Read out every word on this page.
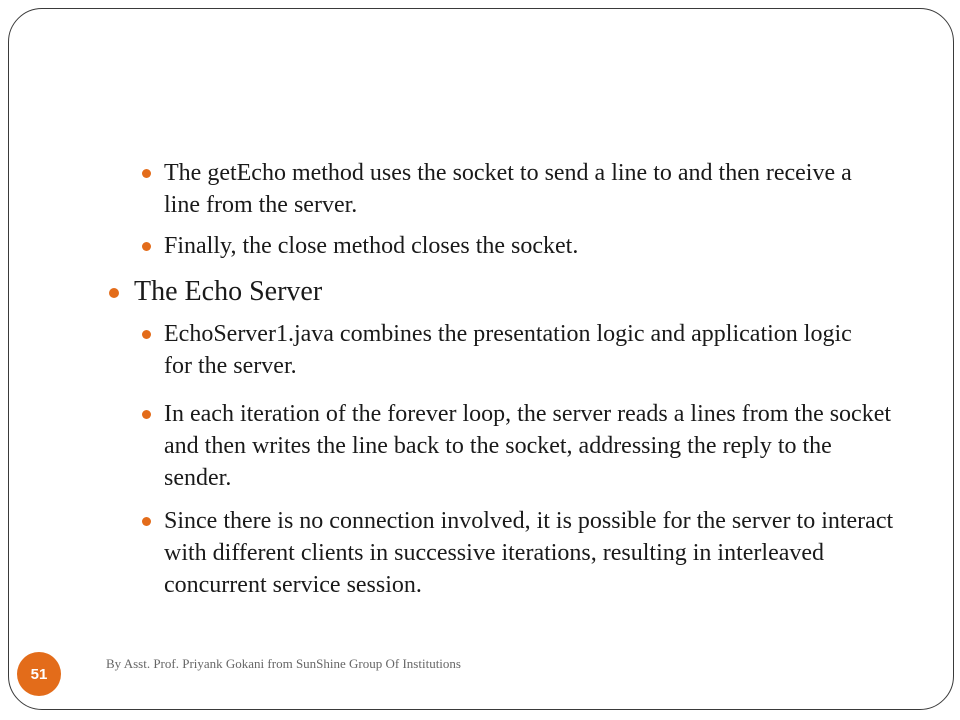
The getEcho method uses the socket to send a line to and then receive a line from the server.
Finally, the close method closes the socket.
The Echo Server
EchoServer1.java combines the presentation logic and application logic for the server.
In each iteration of the forever loop, the server reads a lines from the socket and then writes the line back to the socket, addressing the reply to the sender.
Since there is no connection involved, it is possible for the server to interact with different clients in successive iterations, resulting in interleaved concurrent service session.
51
By Asst. Prof. Priyank Gokani from SunShine Group Of Institutions
